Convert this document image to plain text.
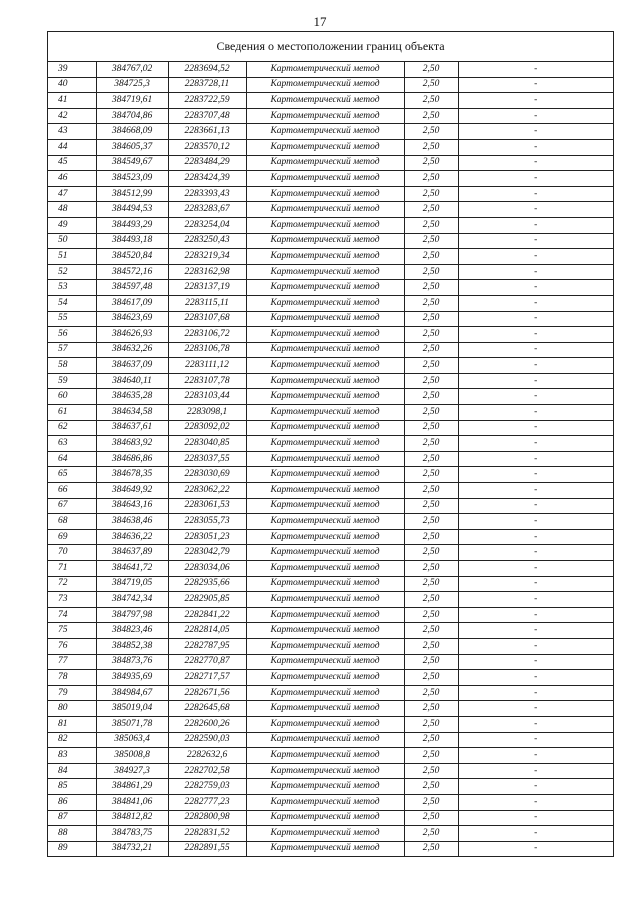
17
Сведения о местоположении границ объекта
39	384767,02	2283694,52	Картометрический метод	2,50	-
40	384725,3	2283728,11	Картометрический метод	2,50	-
41	384719,61	2283722,59	Картометрический метод	2,50	-
42	384704,86	2283707,48	Картометрический метод	2,50	-
43	384668,09	2283661,13	Картометрический метод	2,50	-
44	384605,37	2283570,12	Картометрический метод	2,50	-
45	384549,67	2283484,29	Картометрический метод	2,50	-
46	384523,09	2283424,39	Картометрический метод	2,50	-
47	384512,99	2283393,43	Картометрический метод	2,50	-
48	384494,53	2283283,67	Картометрический метод	2,50	-
49	384493,29	2283254,04	Картометрический метод	2,50	-
50	384493,18	2283250,43	Картометрический метод	2,50	-
51	384520,84	2283219,34	Картометрический метод	2,50	-
52	384572,16	2283162,98	Картометрический метод	2,50	-
53	384597,48	2283137,19	Картометрический метод	2,50	-
54	384617,09	2283115,11	Картометрический метод	2,50	-
55	384623,69	2283107,68	Картометрический метод	2,50	-
56	384626,93	2283106,72	Картометрический метод	2,50	-
57	384632,26	2283106,78	Картометрический метод	2,50	-
58	384637,09	2283111,12	Картометрический метод	2,50	-
59	384640,11	2283107,78	Картометрический метод	2,50	-
60	384635,28	2283103,44	Картометрический метод	2,50	-
61	384634,58	2283098,1	Картометрический метод	2,50	-
62	384637,61	2283092,02	Картометрический метод	2,50	-
63	384683,92	2283040,85	Картометрический метод	2,50	-
64	384686,86	2283037,55	Картометрический метод	2,50	-
65	384678,35	2283030,69	Картометрический метод	2,50	-
66	384649,92	2283062,22	Картометрический метод	2,50	-
67	384643,16	2283061,53	Картометрический метод	2,50	-
68	384638,46	2283055,73	Картометрический метод	2,50	-
69	384636,22	2283051,23	Картометрический метод	2,50	-
70	384637,89	2283042,79	Картометрический метод	2,50	-
71	384641,72	2283034,06	Картометрический метод	2,50	-
72	384719,05	2282935,66	Картометрический метод	2,50	-
73	384742,34	2282905,85	Картометрический метод	2,50	-
74	384797,98	2282841,22	Картометрический метод	2,50	-
75	384823,46	2282814,05	Картометрический метод	2,50	-
76	384852,38	2282787,95	Картометрический метод	2,50	-
77	384873,76	2282770,87	Картометрический метод	2,50	-
78	384935,69	2282717,57	Картометрический метод	2,50	-
79	384984,67	2282671,56	Картометрический метод	2,50	-
80	385019,04	2282645,68	Картометрический метод	2,50	-
81	385071,78	2282600,26	Картометрический метод	2,50	-
82	385063,4	2282590,03	Картометрический метод	2,50	-
83	385008,8	2282632,6	Картометрический метод	2,50	-
84	384927,3	2282702,58	Картометрический метод	2,50	-
85	384861,29	2282759,03	Картометрический метод	2,50	-
86	384841,06	2282777,23	Картометрический метод	2,50	-
87	384812,82	2282800,98	Картометрический метод	2,50	-
88	384783,75	2282831,52	Картометрический метод	2,50	-
89	384732,21	2282891,55	Картометрический метод	2,50	-
